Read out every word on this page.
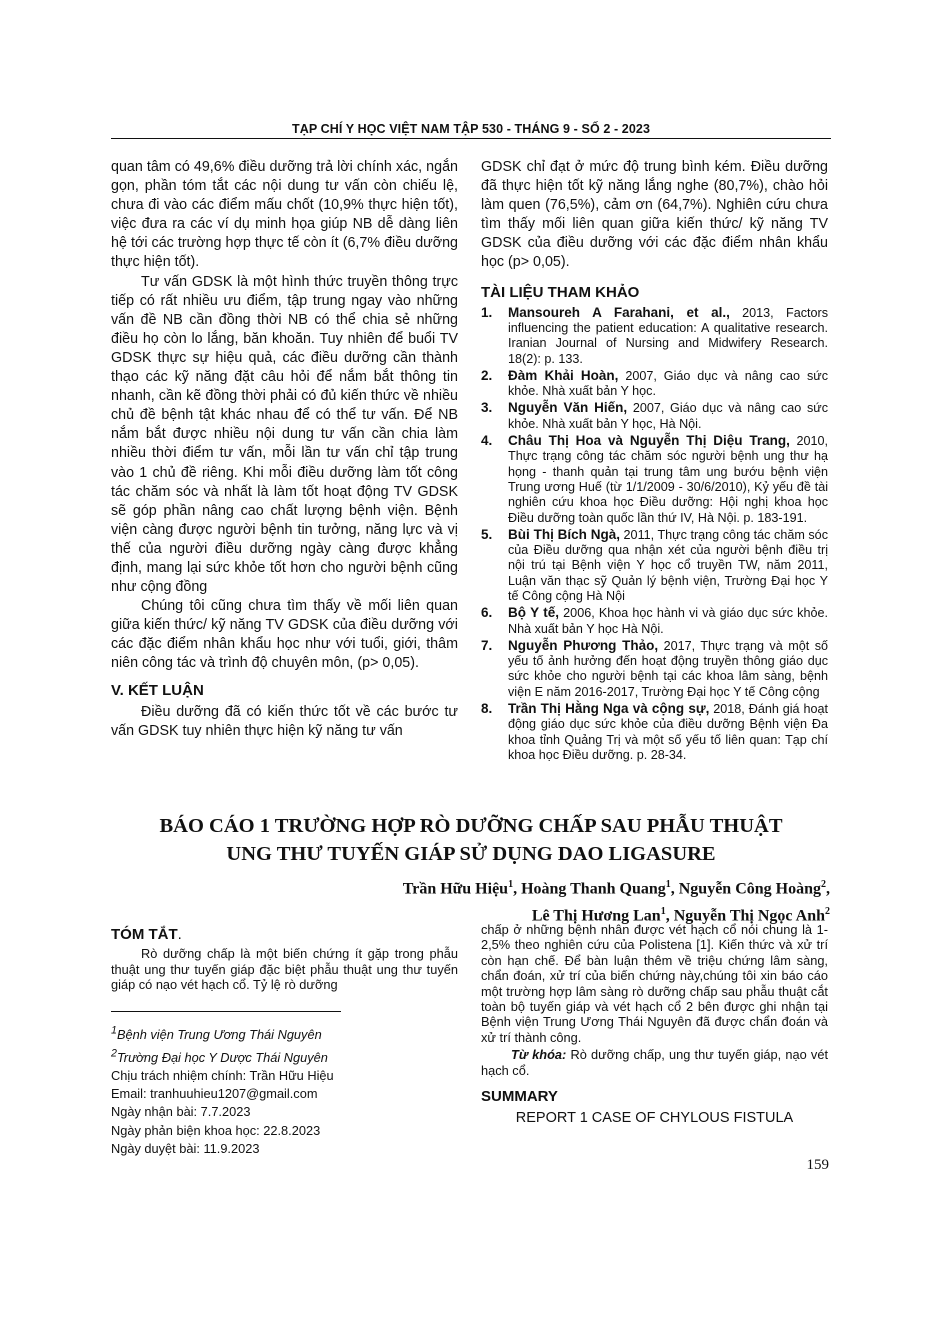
TẠP CHÍ Y HỌC VIỆT NAM TẬP 530 - THÁNG 9 - SỐ 2 - 2023

quan tâm có 49,6% điều dưỡng trả lời chính xác, ngắn gọn, phần tóm tắt các nội dung tư vấn còn chiếu lệ, chưa đi vào các điểm mấu chốt (10,9% thực hiện tốt), việc đưa ra các ví dụ minh họa giúp NB dễ dàng liên hệ tới các trường hợp thực tế còn ít (6,7% điều dưỡng thực hiện tốt).

Tư vấn GDSK là một hình thức truyền thông trực tiếp có rất nhiều ưu điểm, tập trung ngay vào những vấn đề NB cần đồng thời NB có thể chia sẻ những điều họ còn lo lắng, băn khoăn. Tuy nhiên để buổi TV GDSK thực sự hiệu quả, các điều dưỡng cần thành thạo các kỹ năng đặt câu hỏi để nắm bắt thông tin nhanh, cần kẽ đồng thời phải có đủ kiến thức về nhiều chủ đề bệnh tật khác nhau để có thể tư vấn. Để NB nắm bắt được nhiều nội dung tư vấn cần chia làm nhiều thời điểm tư vấn, mỗi lần tư vấn chỉ tập trung vào 1 chủ đề riêng. Khi mỗi điều dưỡng làm tốt công tác chăm sóc và nhất là làm tốt hoạt động TV GDSK sẽ góp phần nâng cao chất lượng bệnh viện. Bệnh viện càng được người bệnh tin tưởng, năng lực và vị thế của người điều dưỡng ngày càng được khẳng định, mang lại sức khỏe tốt hơn cho người bệnh cũng như cộng đồng

Chúng tôi cũng chưa tìm thấy về mối liên quan giữa kiến thức/ kỹ năng TV GDSK của điều dưỡng với các đặc điểm nhân khẩu học như với tuổi, giới, thâm niên công tác và trình độ chuyên môn, (p> 0,05).

V. KẾT LUẬN

Điều dưỡng đã có kiến thức tốt về các bước tư vấn GDSK tuy nhiên thực hiện kỹ năng tư vấn

GDSK chỉ đạt ở mức độ trung bình kém. Điều dưỡng đã thực hiện tốt kỹ năng lắng nghe (80,7%), chào hỏi làm quen (76,5%), cảm ơn (64,7%). Nghiên cứu chưa tìm thấy mối liên quan giữa kiến thức/ kỹ năng TV GDSK của điều dưỡng với các đặc điểm nhân khẩu học (p> 0,05).

TÀI LIỆU THAM KHẢO
1. Mansoureh A Farahani, et al., 2013, Factors influencing the patient education: A qualitative research. Iranian Journal of Nursing and Midwifery Research. 18(2): p. 133.
2. Đàm Khải Hoàn, 2007, Giáo dục và nâng cao sức khỏe. Nhà xuất bản Y học.
3. Nguyễn Văn Hiến, 2007, Giáo dục và nâng cao sức khỏe. Nhà xuất bản Y học, Hà Nội.
4. Châu Thị Hoa và Nguyễn Thị Diệu Trang, 2010, Thực trạng công tác chăm sóc người bệnh ung thư hạ họng - thanh quản tại trung tâm ung bướu bệnh viện Trung ương Huế (từ 1/1/2009 - 30/6/2010), Kỷ yếu đề tài nghiên cứu khoa học Điều dưỡng: Hội nghị khoa học Điều dưỡng toàn quốc lần thứ IV, Hà Nội. p. 183-191.
5. Bùi Thị Bích Ngà, 2011, Thực trạng công tác chăm sóc của Điều dưỡng qua nhận xét của người bệnh điều trị nội trú tại Bệnh viện Y học cổ truyền TW, năm 2011, Luận văn thạc sỹ Quản lý bệnh viện, Trường Đại học Y tế Công cộng Hà Nội
6. Bộ Y tế, 2006, Khoa học hành vi và giáo dục sức khỏe. Nhà xuất bản Y học Hà Nội.
7. Nguyễn Phương Thảo, 2017, Thực trạng và một số yếu tố ảnh hưởng đến hoạt động truyền thông giáo dục sức khỏe cho người bệnh tại các khoa lâm sàng, bệnh viện E năm 2016-2017, Trường Đại học Y tế Công cộng
8. Trần Thị Hằng Nga và cộng sự, 2018, Đánh giá hoạt động giáo dục sức khỏe của điều dưỡng Bệnh viện Đa khoa tỉnh Quảng Trị và một số yếu tố liên quan: Tạp chí khoa học Điều dưỡng. p. 28-34.
BÁO CÁO 1 TRƯỜNG HỢP RÒ DƯỠNG CHẤP SAU PHẪU THUẬT
UNG THƯ TUYẾN GIÁP SỬ DỤNG DAO LIGASURE
Trần Hữu Hiệu$^1$, Hoàng Thanh Quang$^1$, Nguyễn Công Hoàng$^2$,
Lê Thị Hương Lan$^1$, Nguyễn Thị Ngọc Anh$^2$
TÓM TẮT.

Rò dưỡng chấp là một biến chứng ít gặp trong phẫu thuật ung thư tuyến giáp đặc biệt phẫu thuật ung thư tuyến giáp có nạo vét hạch cổ. Tỷ lệ rò dưỡng

$^1$Bệnh viện Trung Ương Thái Nguyên
$^2$Trường Đại học Y Dược Thái Nguyên
Chịu trách nhiệm chính: Trần Hữu Hiệu
Email: tranhuuhieu1207@gmail.com
Ngày nhận bài: 7.7.2023
Ngày phản biện khoa học: 22.8.2023
Ngày duyệt bài: 11.9.2023

chấp ở những bệnh nhân được vét hạch cổ nói chung là 1-2,5% theo nghiên cứu của Polistena [1]. Kiến thức và xử trí còn hạn chế. Để bàn luận thêm về triệu chứng lâm sàng, chẩn đoán, xử trí của biến chứng này,chúng tôi xin báo cáo một trường hợp lâm sàng rò dưỡng chấp sau phẫu thuật cắt toàn bộ tuyến giáp và vét hạch cổ 2 bên được ghi nhận tại Bệnh viện Trung Ương Thái Nguyên đã được chẩn đoán và xử trí thành công.

Từ khóa: Rò dưỡng chấp, ung thư tuyến giáp, nạo vét hạch cổ.

SUMMARY
REPORT 1 CASE OF CHYLOUS FISTULA
159
